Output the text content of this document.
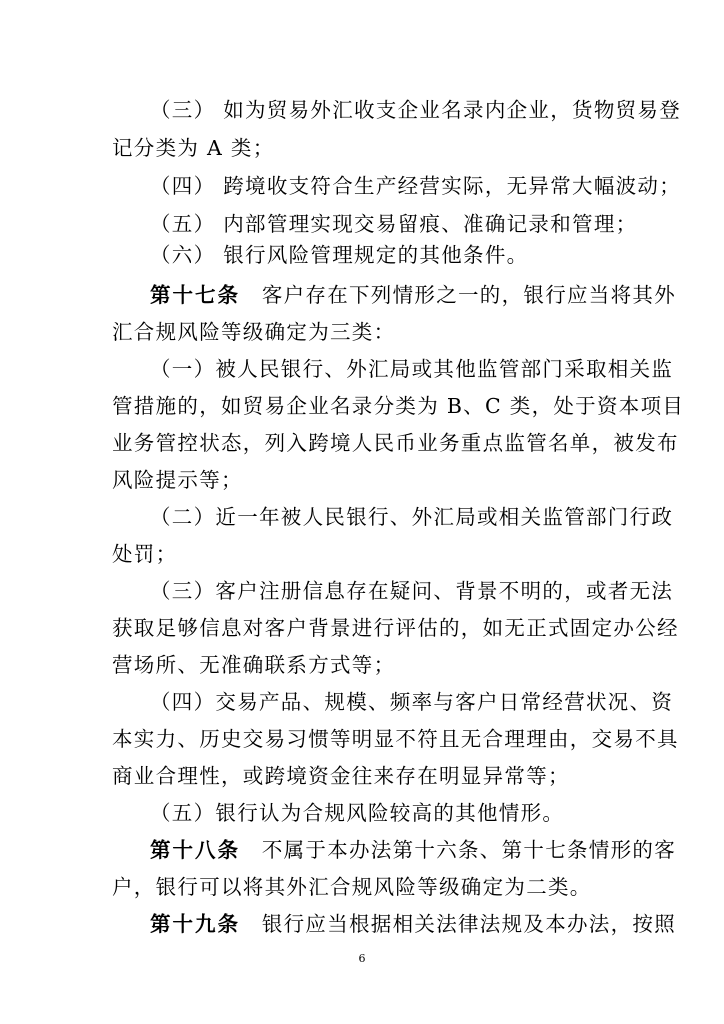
（三） 如为贸易外汇收支企业名录内企业，货物贸易登
记分类为 A 类；
（四） 跨境收支符合生产经营实际，无异常大幅波动；
（五） 内部管理实现交易留痕、准确记录和管理；
（六） 银行风险管理规定的其他条件。
第十七条  客户存在下列情形之一的，银行应当将其外
汇合规风险等级确定为三类：
（一）被人民银行、外汇局或其他监管部门采取相关监
管措施的，如贸易企业名录分类为 B、C 类，处于资本项目
业务管控状态，列入跨境人民币业务重点监管名单，被发布
风险提示等；
（二）近一年被人民银行、外汇局或相关监管部门行政
处罚；
（三）客户注册信息存在疑问、背景不明的，或者无法
获取足够信息对客户背景进行评估的，如无正式固定办公经
营场所、无准确联系方式等；
（四）交易产品、规模、频率与客户日常经营状况、资
本实力、历史交易习惯等明显不符且无合理理由，交易不具
商业合理性，或跨境资金往来存在明显异常等；
（五）银行认为合规风险较高的其他情形。
第十八条  不属于本办法第十六条、第十七条情形的客
户，银行可以将其外汇合规风险等级确定为二类。
第十九条  银行应当根据相关法律法规及本办法，按照
6
